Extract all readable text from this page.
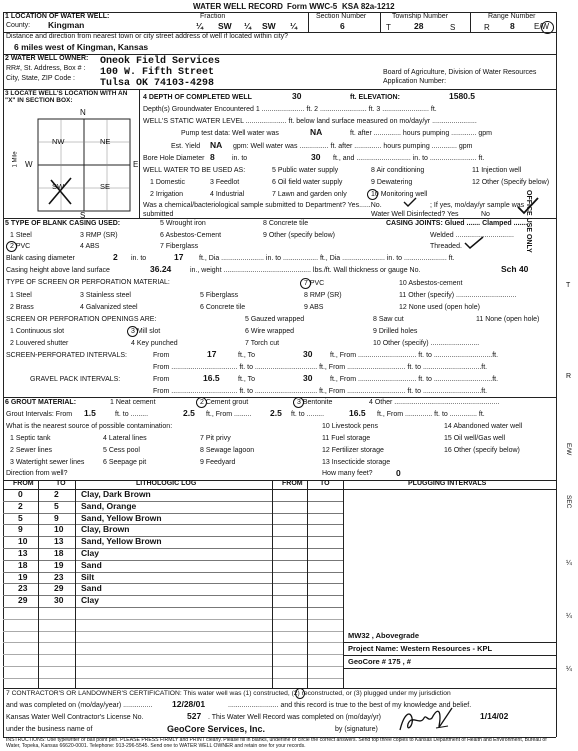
WATER WELL RECORD Form WWC-5 KSA 82a-1212
1 LOCATION OF WATER WELL:
County: Kingman
Fraction
¼ SW ¼ SW ¼
Section Number
6
Township Number
T	28	S
Range Number
R 8 E/W
Distance and direction from nearest town or city street address of well if located within city?
6 miles west of Kingman, Kansas
2 WATER WELL OWNER: Oneok Field Services
RR#, St. Address, Box # : 100 W. Fifth Street
City, State, ZIP Code :	Tulsa OK 74103-4298
Board of Agriculture, Division of Water Resources
Application Number:
3 LOCATE WELL'S LOCATION WITH AN "X" IN SECTION BOX:
N
S
W	E
1 Mile
NW	NE
SW	SE
4 DEPTH OF COMPLETED WELL	30	ft. ELEVATION:	1580.5
Depth(s) Groundwater Encountered 1 ...................... ft. 2 ........................ ft. 3 ........................ ft.
WELL'S STATIC WATER LEVEL ..................... ft. below land surface measured on mo/day/yr .......................
Pump test data: Well water was	NA	ft. after .............. hours pumping ............. gpm
Est. Yield NA gpm: Well water was ............... ft. after .............. hours pumping ............. gpm
Bore Hole Diameter 8 in. to	30 ft., and ............................ in. to ........................ ft.
WELL WATER TO BE USED AS:
1 Domestic
2 Irrigation
3 Feedlot
4 Industrial
5 Public water supply
6 Oil field water supply
7 Lawn and garden only
8 Air conditioning
9 Dewatering
10 Monitoring well
11 Injection well
12 Other (Specify below)
Was a chemical/bacteriological sample submitted to Department? Yes......No.	; If yes, mo/day/yr sample was
submitted	Water Well Disinfected? Yes	No
5 TYPE OF BLANK CASING USED:
1 Steel
2 PVC
3 RMP (SR)
4 ABS
5 Wrought iron
6 Asbestos-Cement
7 Fiberglass
8 Concrete tile
9 Other (specify below)
CASING JOINTS: Glued ....... Clamped .......
Welded ..............................
Threaded.
Blank casing diameter	2 in. to	17 ft., Dia ...................... in. to .................. ft., Dia ...................... in. to ...................... ft.
Casing height above land surface	36.24	in., weight ............................................. lbs./ft. Wall thickness or gauge No.	Sch 40
TYPE OF SCREEN OR PERFORATION MATERIAL:
1 Steel
2 Brass
3 Stainless steel
4 Galvanized steel
5 Fiberglass
6 Concrete tile
7 PVC
8 RMP (SR)
9 ABS
10 Asbestos-cement
11 Other (specify) ...............................
12 None used (open hole)
SCREEN OR PERFORATION OPENINGS ARE:
1 Continuous slot
2 Louvered shutter
3 Mill slot
4 Key punched
5 Gauzed wrapped
6 Wire wrapped
7 Torch cut
8 Saw cut
9 Drilled holes
10 Other (specify) .........................
11 None (open hole)
SCREEN-PERFORATED INTERVALS:	From	17	ft., To	30	ft., From .............................. ft. to ..............................ft.
From .................................. ft. to ................................ ft., From .............................. ft. to ..............................ft.
GRAVEL PACK INTERVALS:	From	16.5	ft., To	30	ft., From .............................. ft. to ..............................ft.
From .................................. ft. to ................................ ft., From .............................. ft. to ..............................ft.
6 GROUT MATERIAL:	1 Neat cement	2 Cement grout	3 Bentonite	4 Other ......................................................
Grout Intervals: From 1.5	ft. to .........	2.5 ft., From ......... 2.5 ft. to .........	16.5 ft., From .............. ft. to .............. ft.
What is the nearest source of possible contamination:
1 Septic tank
2 Sewer lines
3 Watertight sewer lines
4 Lateral lines
5 Cess pool
6 Seepage pit
7 Pit privy
8 Sewage lagoon
9 Feedyard
10 Livestock pens
11 Fuel storage
12 Fertilizer storage
13 Insecticide storage
14 Abandoned water well
15 Oil well/Gas well
16 Other (specify below)
How many feet?	0
Direction from well?
FROM	TO	LITHOLOGIC LOG	FROM TO	PLUGGING INTERVALS
0	2	Clay, Dark Brown
2	5	Sand, Orange
5	9	Sand, Yellow Brown
9	10 Clay, Brown
10	13 Sand, Yellow Brown
13	18 Clay
18	19 Sand
19	23 Silt
23	29 Sand
29	30 Clay
MW32 , Abovegrade
Project Name: Western Resources - KPL
GeoCore # 175 , #
7 CONTRACTOR'S OR LANDOWNER'S CERTIFICATION: This water well was (1) constructed, (2) reconstructed, or (3) plugged under my jurisdiction
and was completed on (mo/day/year) ............... 12/28/01	.......................... and this record is true to the best of my knowledge and belief.
Kansas Water Well Contractor's License No.	527 . This Water Well Record was completed on (mo/day/yr)	1/14/02
under the business name of	GeoCore Services, Inc.	by (signature)
INSTRUCTIONS: Use typewriter or ball point pen. PLEASE PRESS FIRMLY and PRINT clearly. Please fill in blanks, underline or circle the correct answers. Send top three copies to Kansas Department of Health and Environment, Bureau of Water, Topeka, Kansas 66620-0001. Telephone: 913-296-5545. Send one to WATER WELL OWNER and retain one for your records.
OFFICE USE ONLY
T
R
E/W
SEC
¼
¼
¼
